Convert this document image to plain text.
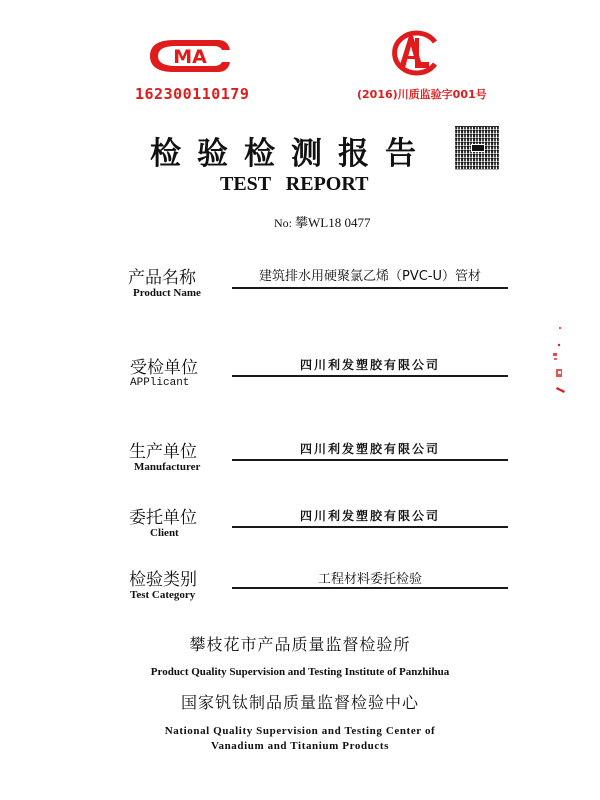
MA
162300110179	(2016)川质监验字001号
检验检测报告
TEST   REPORT
No: 攀WL18 0477
产品名称
Product Name
建筑排水用硬聚氯乙烯（PVC-U）管材
受检单位
APPlicant
四川利发塑胶有限公司
生产单位
Manufacturer
四川利发塑胶有限公司
委托单位
Client
四川利发塑胶有限公司
检验类别
Test Category
工程材料委托检验
攀枝花市产品质量监督检验所
Product Quality Supervision and Testing Institute of Panzhihua
国家钒钛制品质量监督检验中心
National Quality Supervision and Testing Center of
Vanadium and Titanium Products
